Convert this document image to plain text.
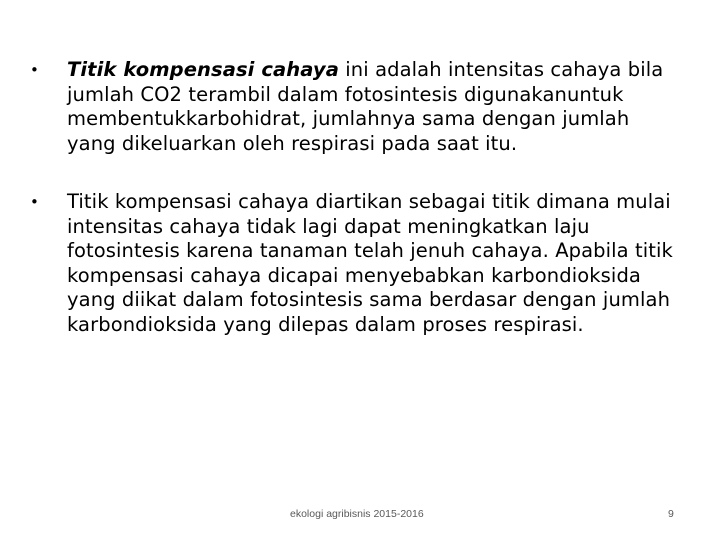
• Titik kompensasi cahaya ini adalah intensitas cahaya bila jumlah CO2 terambil dalam fotosintesis digunakanuntuk membentukkarbohidrat, jumlahnya sama dengan jumlah yang dikeluarkan oleh respirasi pada saat itu.
• Titik kompensasi cahaya diartikan sebagai titik dimana mulai intensitas cahaya tidak lagi dapat meningkatkan laju fotosintesis karena tanaman telah jenuh cahaya. Apabila titik kompensasi cahaya dicapai menyebabkan karbondioksida yang diikat dalam fotosintesis sama berdasar dengan jumlah karbondioksida yang dilepas dalam proses respirasi.
ekologi agribisnis 2015-2016	9
